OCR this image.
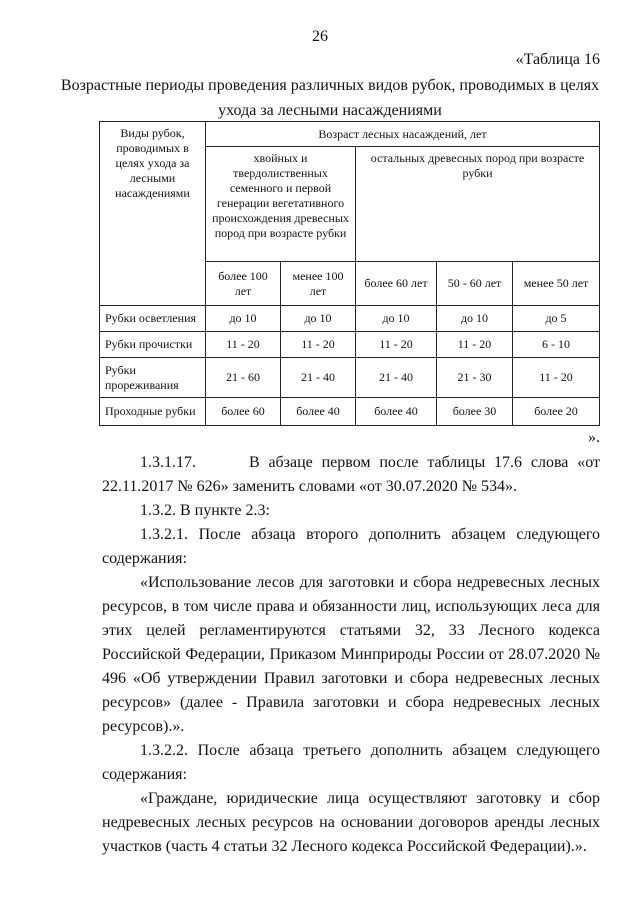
26
«Таблица 16
Возрастные периоды проведения различных видов рубок, проводимых в целях ухода за лесными насаждениями
Виды рубок, проводимых в целях ухода за лесными насаждениями	Возраст лесных насаждений, лет				
	хвойных и твердолиственных семенного и первой генерации вегетативного происхождения древесных пород при возрасте рубки		остальных древесных пород при возрасте рубки		
	более 100 лет	менее 100 лет	более 60 лет	50 - 60 лет	менее 50 лет
Рубки осветления	до 10	до 10	до 10	до 10	до 5
Рубки прочистки	11 - 20	11 - 20	11 - 20	11 - 20	6 - 10
Рубки прореживания	21 - 60	21 - 40	21 - 40	21 - 30	11 - 20
Проходные рубки	более 60	более 40	более 40	более 30	более 20
».

1.3.1.17.      В абзаце первом после таблицы 17.6 слова «от 22.11.2017 № 626» заменить словами «от 30.07.2020 № 534».

1.3.2. В пункте 2.3:

1.3.2.1. После абзаца второго дополнить абзацем следующего содержания:

«Использование лесов для заготовки и сбора недревесных лесных ресурсов, в том числе права и обязанности лиц, использующих леса для этих целей регламентируются статьями 32, 33 Лесного кодекса Российской Федерации, Приказом Минприроды России от 28.07.2020 № 496 «Об утверждении Правил заготовки и сбора недревесных лесных ресурсов» (далее - Правила заготовки и сбора недревесных лесных ресурсов).».

1.3.2.2. После абзаца третьего дополнить абзацем следующего содержания:

«Граждане, юридические лица осуществляют заготовку и сбор недревесных лесных ресурсов на основании договоров аренды лесных участков (часть 4 статьи 32 Лесного кодекса Российской Федерации).».
